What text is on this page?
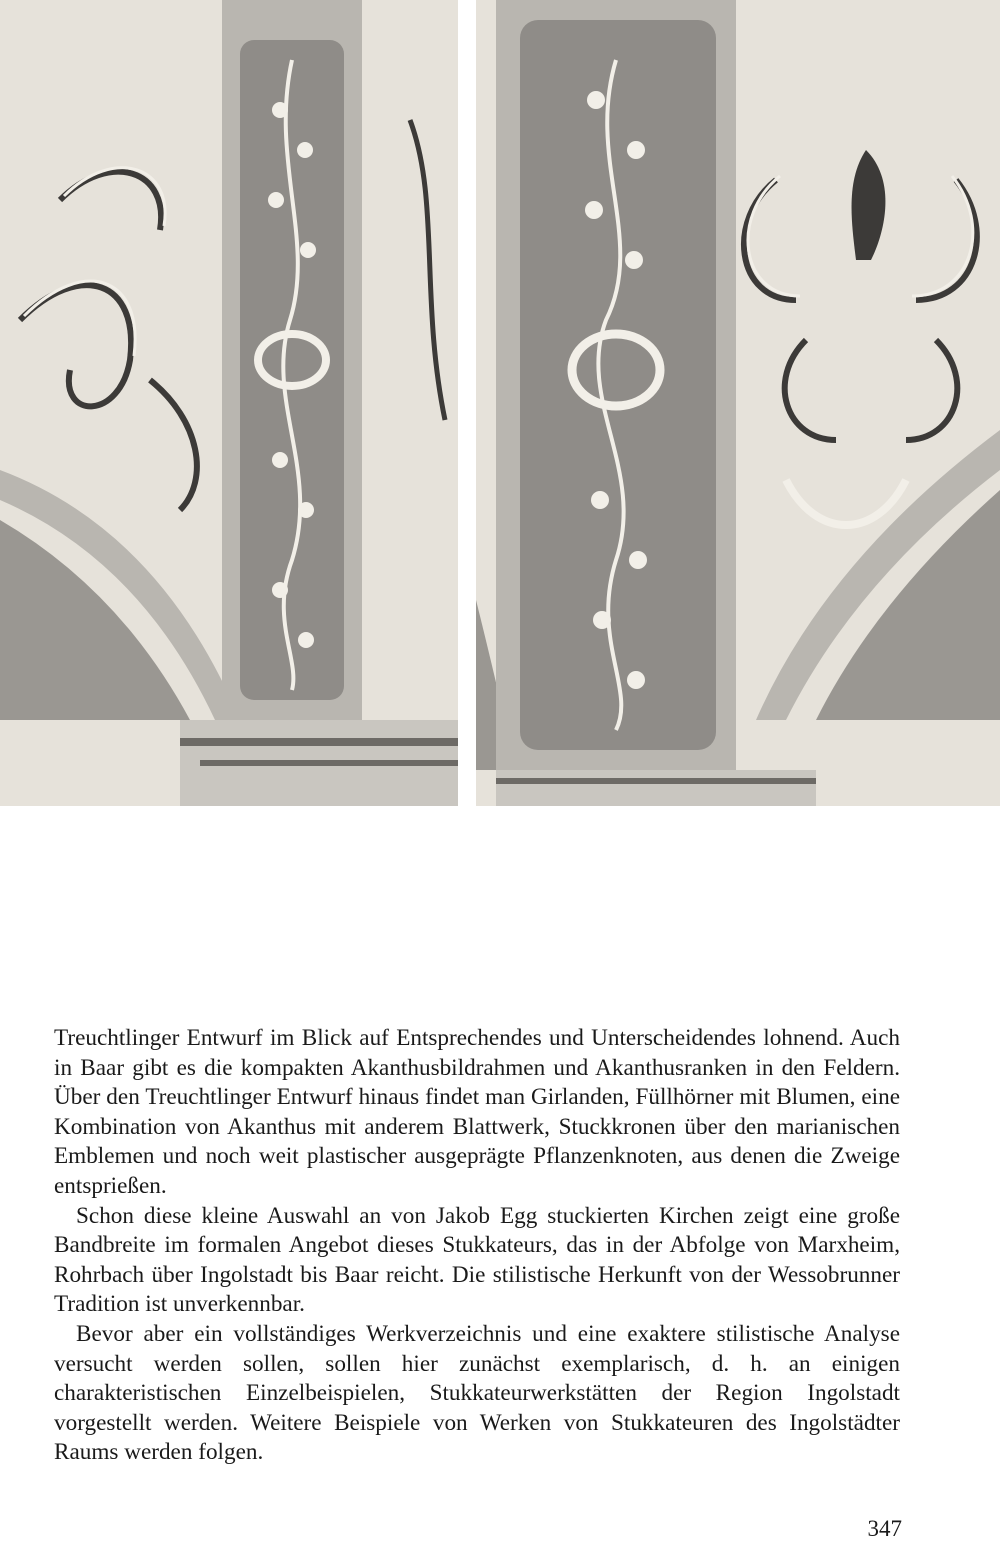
Treuchtlinger Entwurf im Blick auf Entsprechendes und Unterscheidendes lohnend. Auch in Baar gibt es die kompakten Akanthusbildrahmen und Akanthusranken in den Feldern. Über den Treuchtlinger Entwurf hinaus findet man Girlanden, Füllhörner mit Blumen, eine Kombination von Akanthus mit anderem Blattwerk, Stuckkronen über den marianischen Emblemen und noch weit plastischer ausgeprägte Pflanzenknoten, aus denen die Zweige entsprießen.

Schon diese kleine Auswahl an von Jakob Egg stuckierten Kirchen zeigt eine große Bandbreite im formalen Angebot dieses Stukkateurs, das in der Abfolge von Marxheim, Rohrbach über Ingolstadt bis Baar reicht. Die stilistische Herkunft von der Wessobrunner Tradition ist unverkennbar.

Bevor aber ein vollständiges Werkverzeichnis und eine exaktere stilistische Analyse versucht werden sollen, sollen hier zunächst exemplarisch, d. h. an einigen charakteristischen Einzelbeispielen, Stukkateurwerkstätten der Region Ingolstadt vorgestellt werden. Weitere Beispiele von Werken von Stukkateuren des Ingolstädter Raums werden folgen.

347
